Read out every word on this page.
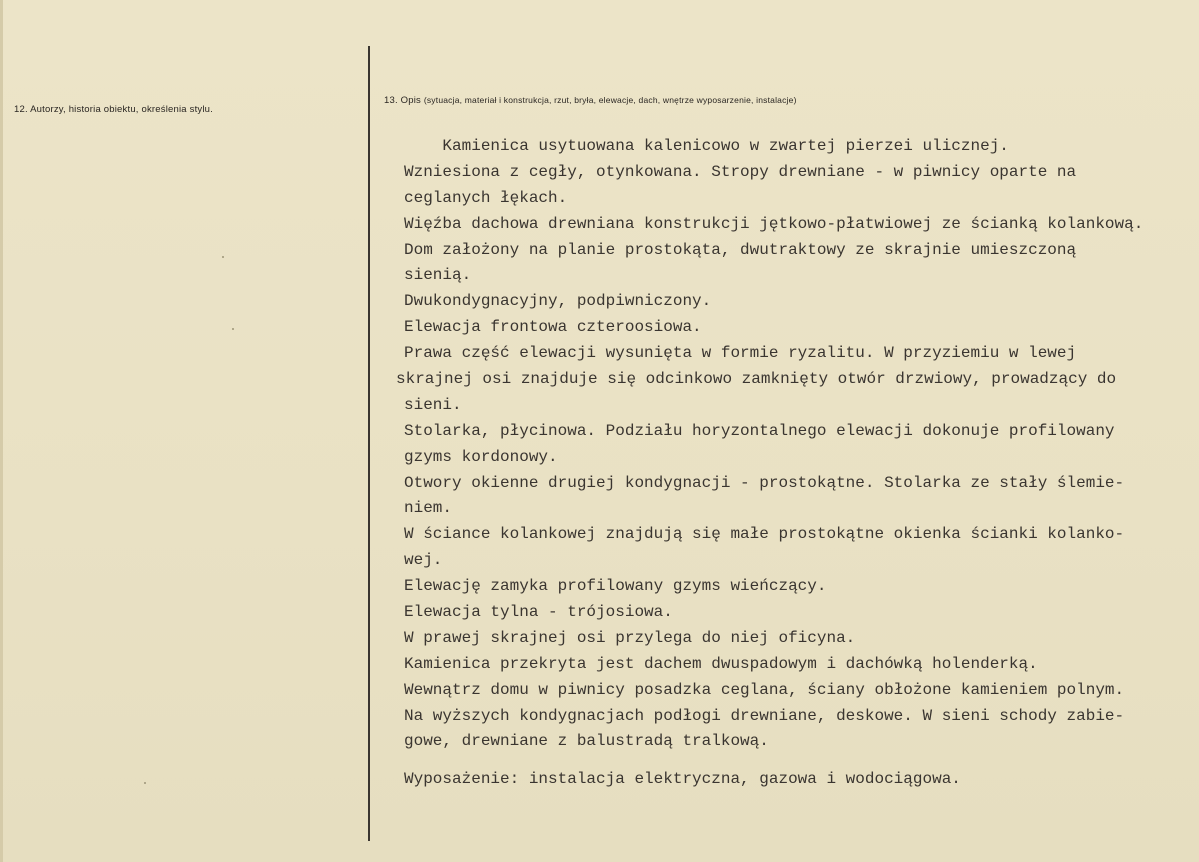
12. Autorzy, historia obiektu, określenia stylu.
13. Opis (sytuacja, materiał i konstrukcja, rzut, bryła, elewacje, dach, wnętrze wyposarzenie, instalacje)
Kamienica usytuowana kalenicowo w zwartej pierzei ulicznej.
Wzniesiona z cegły, otynkowana. Stropy drewniane - w piwnicy oparte na
ceglanych łękach.
Więźba dachowa drewniana konstrukcji jętkowo-płatwiowej ze ścianką kolankową.
Dom założony na planie prostokąta, dwutraktowy ze skrajnie umieszczoną
sienią.
Dwukondygnacyjny, podpiwniczony.
Elewacja frontowa czteroosiowa.
Prawa część elewacji wysunięta w formie ryzalitu. W przyziemiu w lewej
skrajnej osi znajduje się odcinkowo zamknięty otwór drzwiowy, prowadzący do
sieni.
Stolarka, płycinowa. Podziału horyzontalnego elewacji dokonuje profilowany
gzyms kordonowy.
Otwory okienne drugiej kondygnacji - prostokątne. Stolarka ze stały ślemie-
niem.
W ściance kolankowej znajdują się małe prostokątne okienka ścianki kolanko-
wej.
Elewację zamyka profilowany gzyms wieńczący.
Elewacja tylna - trójosiowa.
W prawej skrajnej osi przylega do niej oficyna.
Kamienica przekryta jest dachem dwuspadowym i dachówką holenderką.
Wewnątrz domu w piwnicy posadzka ceglana, ściany obłożone kamieniem polnym.
Na wyższych kondygnacjach podłogi drewniane, deskowe. W sieni schody zabie-
gowe, drewniane z balustradą tralkową.
Wyposażenie: instalacja elektryczna, gazowa i wodociągowa.
